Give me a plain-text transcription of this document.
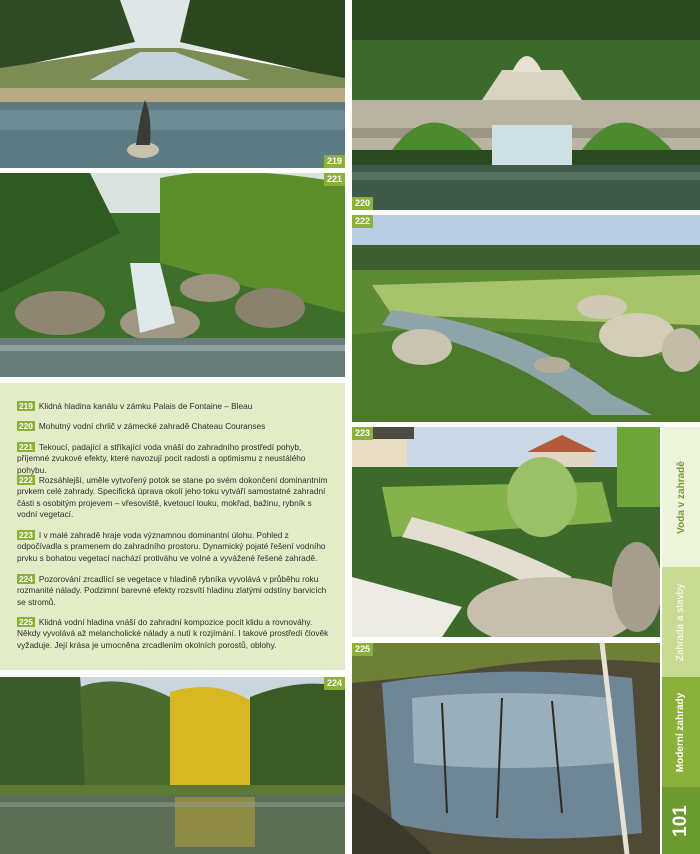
219
220
221
222
219 Klidná hladina kanálu v zámku Palais de Fontaine – Bleau
220 Mohutný vodní chrlič v zámecké zahradě Chateau Couranses
221 Tekoucí, padající a stříkající voda vnáší do zahradního prostředí pohyb, příjemné zvukové efekty, které navozují pocit radosti a optimismu z neustálého pohybu.
222 Rozsáhlejší, uměle vytvořený potok se stane po svém dokončení dominantním prvkem celé zahrady. Specifická úprava okolí jeho toku vytváří samostatné zahradní části s osobitým projevem – vřesoviště, kvetoucí louku, mokřad, bažinu, rybník s vodní vegetací.
223 I v malé zahradě hraje voda významnou dominantní úlohu. Pohled z odpočívadla s pramenem do zahradního prostoru. Dynamický pojaté řešení vodního prvku s bohatou vegetací nachází protiváhu ve volné a vyvážené řešené zahradě.
224 Pozorování zrcadlící se vegetace v hladině rybníka vyvolává v průběhu roku rozmanité nálady. Podzimní barevné efekty rozsvítí hladinu zlatými odstíny barvicích se stromů.
225 Klidná vodní hladina vnáší do zahradní kompozice pocit klidu a rovnováhy. Někdy vyvolává až melancholické nálady a nutí k rozjímání. I takové prostředí člověk vyžaduje. Její krása je umocněna zrcadlením okolních porostů, oblohy.
223
224
225
Voda v zahradě
Zahrada a stavby
Moderní zahrady
101
